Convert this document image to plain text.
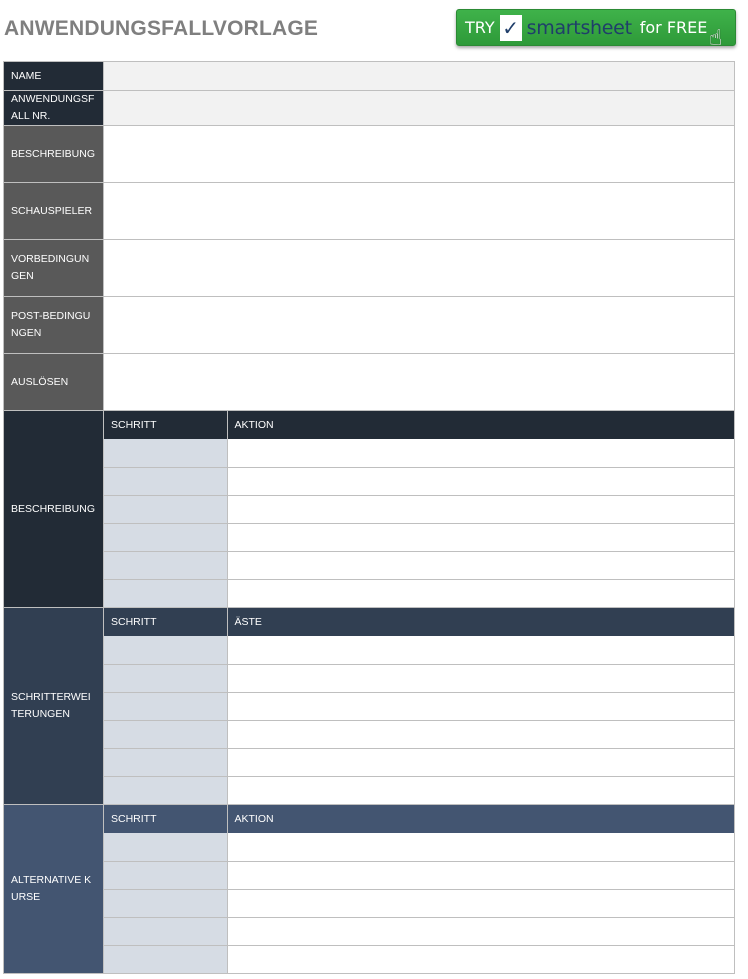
ANWENDUNGSFALLVORLAGE	TRY ✓ smartsheet for FREE ☝
NAME	
ANWENDUNGSFALL NR.	
BESCHREIBUNG	
SCHAUSPIELER	
VORBEDINGUNGEN	
POST-BEDINGUNGEN	
AUSLÖSEN	
BESCHREIBUNG	
SCHRITT	AKTION

SCHRITTERWEITERUNGEN	
SCHRITT	ÄSTE

ALTERNATIVE KURSE	
SCHRITT	AKTION
